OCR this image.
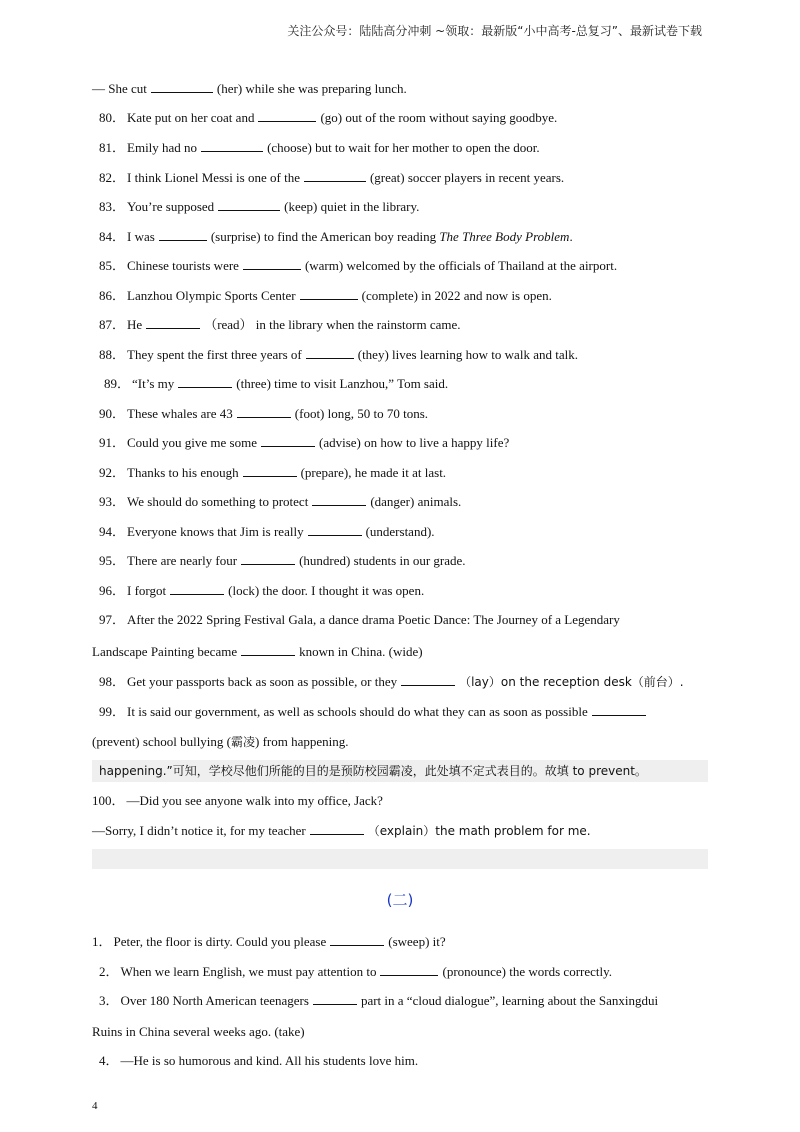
关注公众号：陆陆高分冲刺 ~领取：最新版“小中高考-总复习”、最新试卷下载
— She cut	(her) while she was preparing lunch.
80． Kate put on her coat and	(go) out of the room without saying goodbye.
81． Emily had no	(choose) but to wait for her mother to open the door.
82． I think Lionel Messi is one of the	(great) soccer players in recent years.
83． You’re supposed	(keep) quiet in the library.
84． I was	(surprise) to find the American boy reading The Three Body Problem.
85． Chinese tourists were	(warm) welcomed by the officials of Thailand at the airport.
86． Lanzhou Olympic Sports Center	(complete) in 2022 and now is open.
87． He	（read） in the library when the rainstorm came.
88． They spent the first three years of	(they) lives learning how to walk and talk.
89． “It’s my	(three) time to visit Lanzhou,” Tom said.
90． These whales are 43	(foot) long, 50 to 70 tons.
91． Could you give me some	(advise) on how to live a happy life?
92． Thanks to his enough	(prepare), he made it at last.
93． We should do something to protect	(danger) animals.
94． Everyone knows that Jim is really	(understand).
95． There are nearly four	(hundred) students in our grade.
96． I forgot	(lock) the door. I thought it was open.
97． After the 2022 Spring Festival Gala, a dance drama Poetic Dance: The Journey of a Legendary
Landscape Painting became	known in China. (wide)
98． Get your passports back as soon as possible, or they	（lay）on the reception desk（前台）.
99． It is said our government, as well as schools should do what they can as soon as possible
(prevent) school bullying (霸凌) from happening.
happening.”可知，学校尽他们所能的目的是预防校园霸凌，此处填不定式表目的。故填 to prevent。
100． —Did you see anyone walk into my office, Jack?
—Sorry, I didn’t notice it, for my teacher	（explain）the math problem for me.
(二)
1． Peter, the floor is dirty. Could you please	(sweep) it?
2． When we learn English, we must pay attention to	(pronounce) the words correctly.
3． Over 180 North American teenagers	part in a “cloud dialogue”, learning about the Sanxingdui
Ruins in China several weeks ago. (take)
4． —He is so humorous and kind. All his students love him.
4
